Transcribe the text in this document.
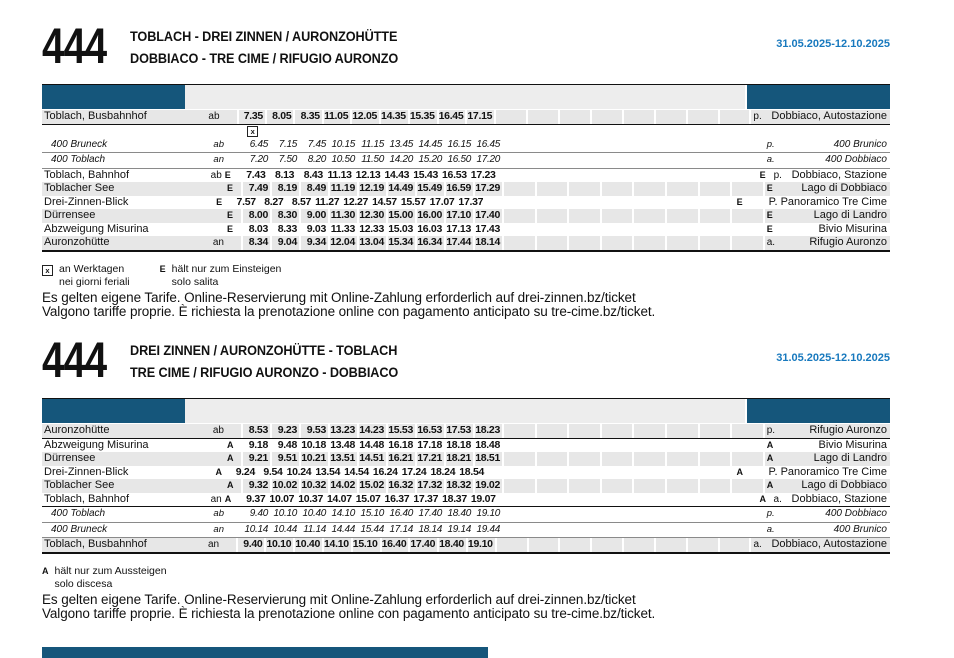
444 TOBLACH - DREI ZINNEN / AURONZOHÜTTE
DOBBIACO - TRE CIME / RIFUGIO AURONZO
31.05.2025-12.10.2025
Toblach, Busbahnhof	ab	7.35 8.05 8.35 11.05 12.05 14.35 15.35 16.45 17.15	p. Dobbiaco, Autostazione
x
400 Bruneck	ab	6.45	7.15	7.45 10.15 11.15 13.45 14.45 16.15 16.45	p.	400 Brunico
400 Toblach	an	7.20	7.50	8.20 10.50 11.50 14.20 15.20 16.50 17.20	a.	400 Dobbiaco
Toblach, Bahnhof	ab E	7.43 8.13 8.43 11.13 12.13 14.43 15.43 16.53 17.23	E p. Dobbiaco, Stazione
Toblacher See	E	7.49 8.19 8.49 11.19 12.19 14.49 15.49 16.59 17.29	E	Lago di Dobbiaco
Drei-Zinnen-Blick	E	7.57 8.27 8.57 11.27 12.27 14.57 15.57 17.07 17.37	E	P. Panoramico Tre Cime
Dürrensee	E	8.00 8.30 9.00 11.30 12.30 15.00 16.00 17.10 17.40	E	Lago di Landro
Abzweigung Misurina	E	8.03 8.33 9.03 11.33 12.33 15.03 16.03 17.13 17.43	E	Bivio Misurina
Auronzohütte	an	8.34 9.04 9.34 12.04 13.04 15.34 16.34 17.44 18.14	a.	Rifugio Auronzo
x an Werktagen
nei giorni feriali
E hält nur zum Einsteigen
solo salita
Es gelten eigene Tarife. Online-Reservierung mit Online-Zahlung erforderlich auf drei-zinnen.bz/ticket
Valgono tariffe proprie. È richiesta la prenotazione online con pagamento anticipato su tre-cime.bz/ticket.
444 DREI ZINNEN / AURONZOHÜTTE - TOBLACH
TRE CIME / RIFUGIO AURONZO - DOBBIACO
31.05.2025-12.10.2025
Auronzohütte	ab	8.53 9.23 9.53 13.23 14.23 15.53 16.53 17.53 18.23	p.	Rifugio Auronzo
Abzweigung Misurina	A	9.18 9.48 10.18 13.48 14.48 16.18 17.18 18.18 18.48	A	Bivio Misurina
Dürrensee	A	9.21 9.51 10.21 13.51 14.51 16.21 17.21 18.21 18.51	A	Lago di Landro
Drei-Zinnen-Blick	A	9.24 9.54 10.24 13.54 14.54 16.24 17.24 18.24 18.54	A	P. Panoramico Tre Cime
Toblacher See	A	9.32 10.02 10.32 14.02 15.02 16.32 17.32 18.32 19.02	A	Lago di Dobbiaco
Toblach, Bahnhof	an A	9.37 10.07 10.37 14.07 15.07 16.37 17.37 18.37 19.07	A a. Dobbiaco, Stazione
400 Toblach	ab	9.40 10.10 10.40 14.10 15.10 16.40 17.40 18.40 19.10	p.	400 Dobbiaco
400 Bruneck	an 10.14 10.44 11.14 14.44 15.44 17.14 18.14 19.14 19.44	a.	400 Brunico
Toblach, Busbahnhof	an	9.40 10.10 10.40 14.10 15.10 16.40 17.40 18.40 19.10	a. Dobbiaco, Autostazione
A hält nur zum Aussteigen
solo discesa
Es gelten eigene Tarife. Online-Reservierung mit Online-Zahlung erforderlich auf drei-zinnen.bz/ticket
Valgono tariffe proprie. È richiesta la prenotazione online con pagamento anticipato su tre-cime.bz/ticket.
